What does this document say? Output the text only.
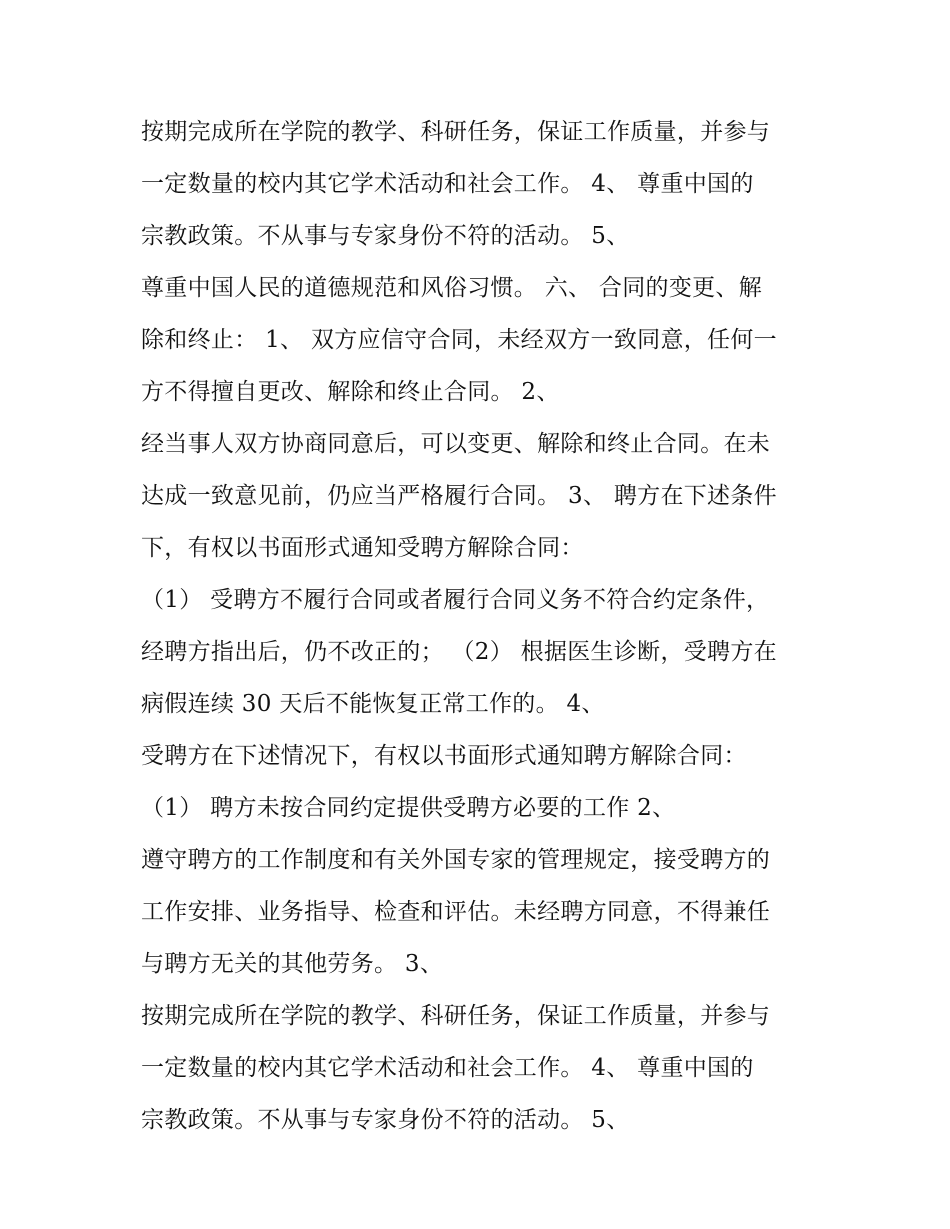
按期完成所在学院的教学、科研任务，保证工作质量，并参与
一定数量的校内其它学术活动和社会工作。 4、 尊重中国的
宗教政策。不从事与专家身份不符的活动。 5、
尊重中国人民的道德规范和风俗习惯。 六、 合同的变更、解
除和终止： 1、 双方应信守合同，未经双方一致同意，任何一
方不得擅自更改、解除和终止合同。 2、
经当事人双方协商同意后，可以变更、解除和终止合同。在未
达成一致意见前，仍应当严格履行合同。 3、 聘方在下述条件
下，有权以书面形式通知受聘方解除合同：
（1） 受聘方不履行合同或者履行合同义务不符合约定条件，
经聘方指出后，仍不改正的； （2） 根据医生诊断，受聘方在
病假连续 30 天后不能恢复正常工作的。 4、
受聘方在下述情况下，有权以书面形式通知聘方解除合同：
（1） 聘方未按合同约定提供受聘方必要的工作 2、
遵守聘方的工作制度和有关外国专家的管理规定，接受聘方的
工作安排、业务指导、检查和评估。未经聘方同意，不得兼任
与聘方无关的其他劳务。 3、
按期完成所在学院的教学、科研任务，保证工作质量，并参与
一定数量的校内其它学术活动和社会工作。 4、 尊重中国的
宗教政策。不从事与专家身份不符的活动。 5、
